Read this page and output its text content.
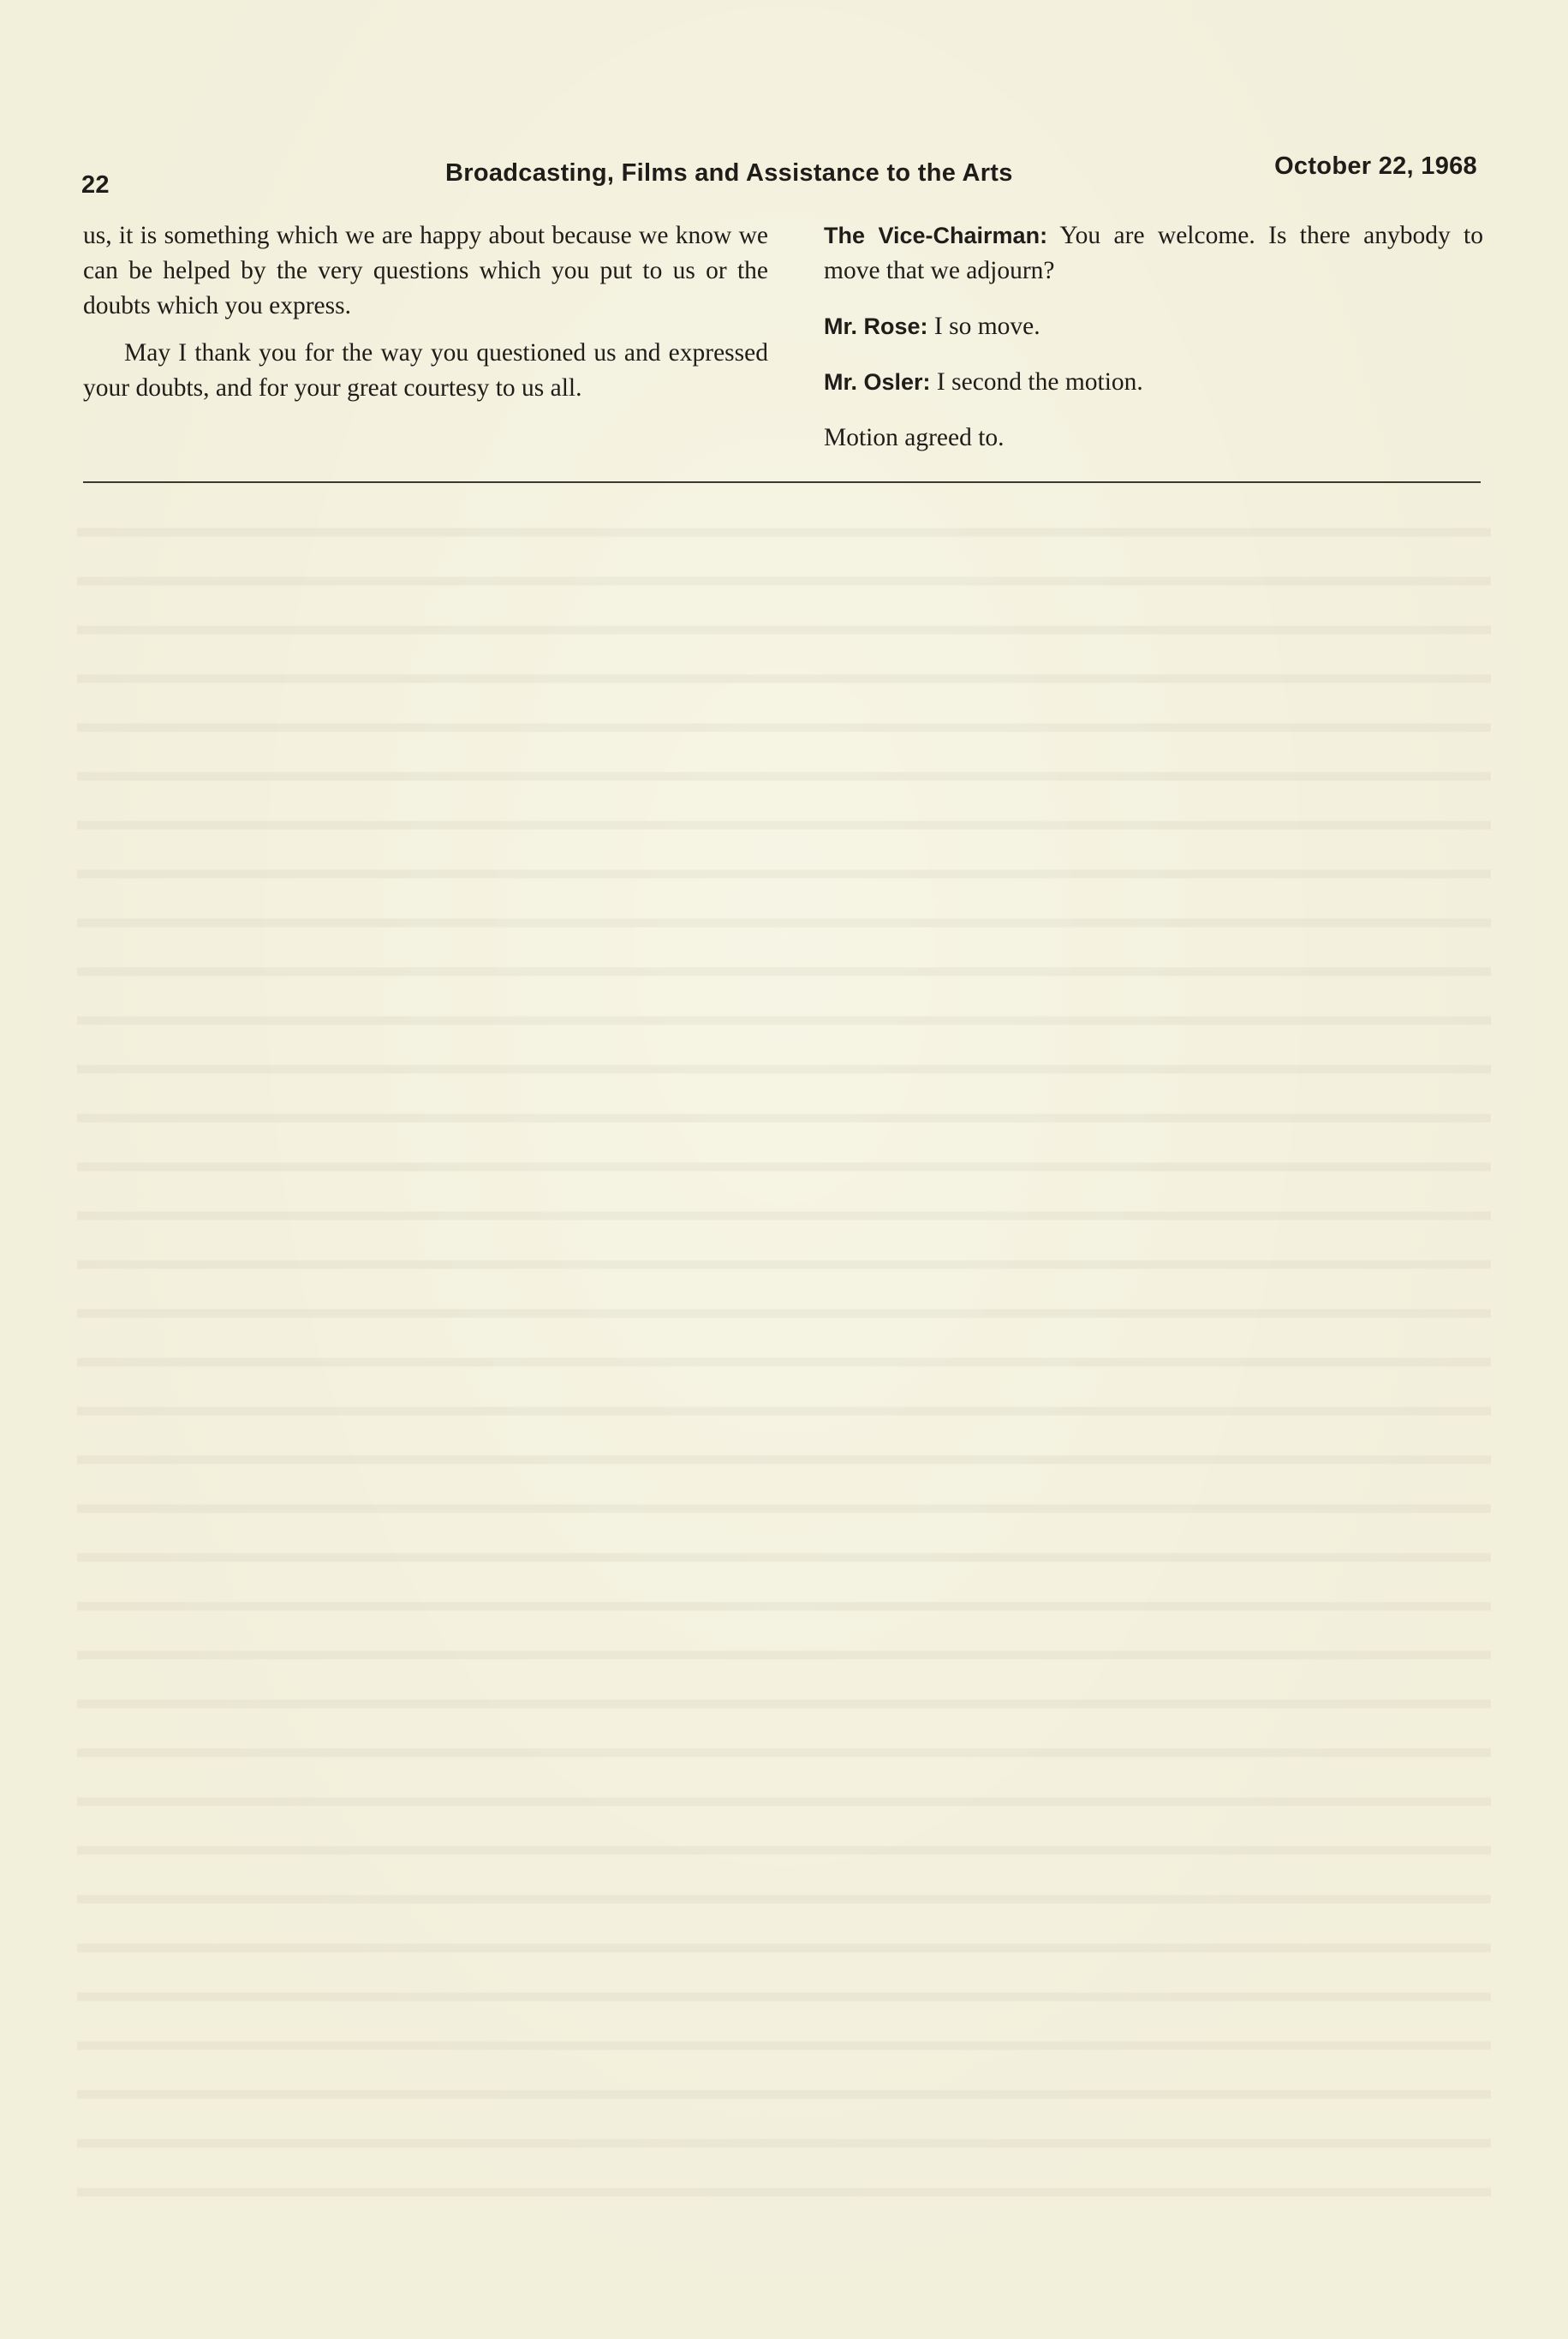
22	Broadcasting, Films and Assistance to the Arts	October 22, 1968

us, it is something which we are happy about because we know we can be helped by the very questions which you put to us or the doubts which you express.

May I thank you for the way you questioned us and expressed your doubts, and for your great courtesy to us all.

The Vice-Chairman: You are welcome. Is there anybody to move that we adjourn?

Mr. Rose: I so move.

Mr. Osler: I second the motion.

Motion agreed to.
